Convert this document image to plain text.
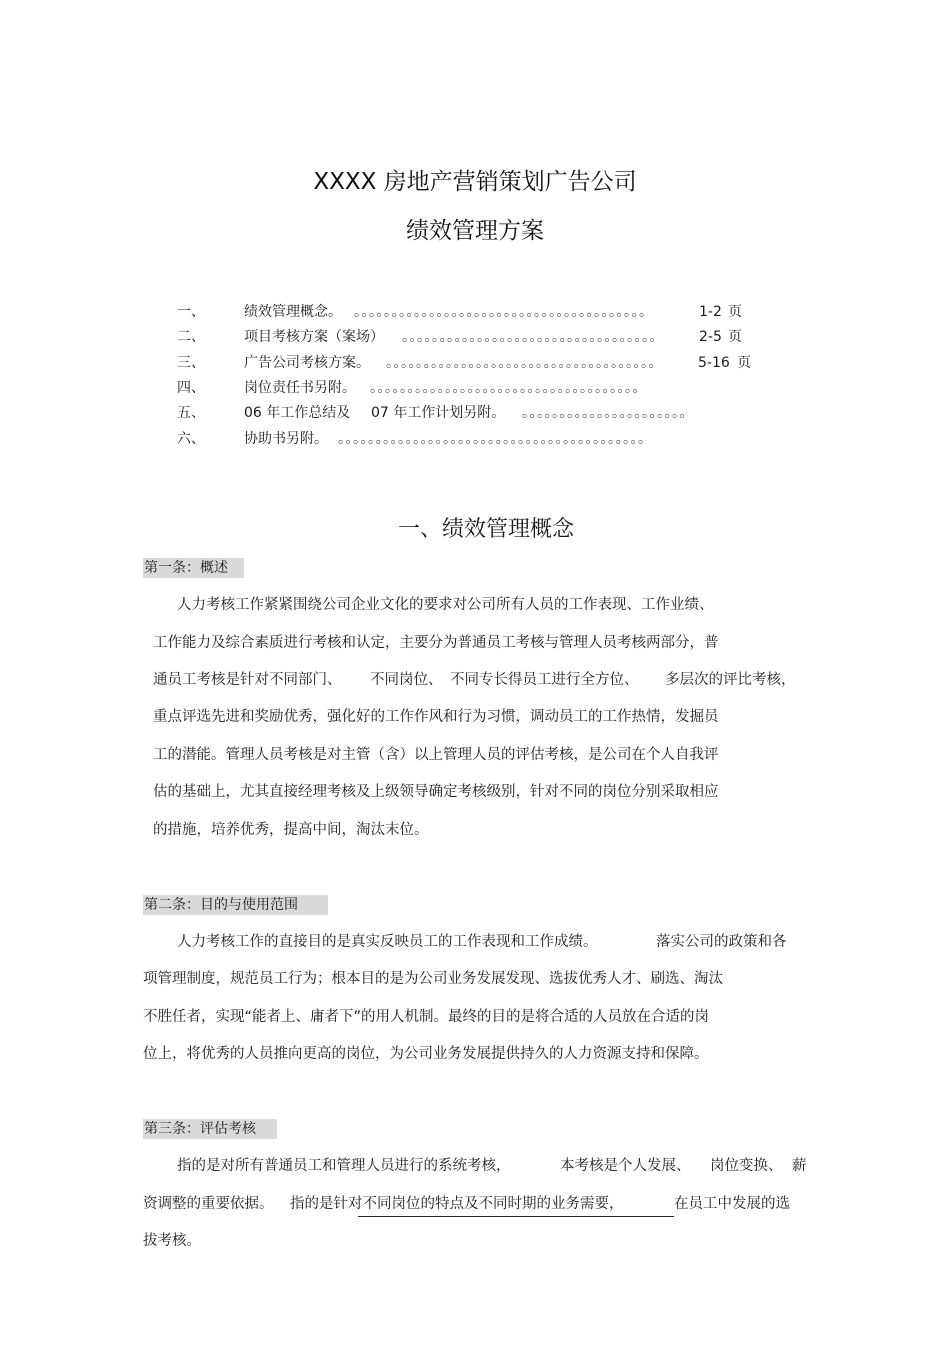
XXXX 房地产营销策划广告公司
绩效管理方案
一、	绩效管理概念。 。。。。。。。。。。。。。。。。。。。。。。。。。。。。。。。。。。。。。。。	1-2 页
二、	项目考核方案（案场） 。。。。。。。。。。。。。。。。。。。。。。。。。。。。。。。。。。	2-5 页
三、	广告公司考核方案。 。。。。。。。。。。。。。。。。。。。。。。。。。。。。。。。。。。。。	5-16 页
四、	岗位责任书另附。 。。。。。。。。。。。。。。。。。。。。。。。。。。。。。。。。。。。。
五、	06 年工作总结及 07 年工作计划另附。 。。。。。。。。。。。。。。。。。。。。。。
六、	协助书另附。 。。。。。。。。。。。。。。。。。。。。。。。。。。。。。。。。。。。。。。。。。
一、绩效管理概念
第一条：概述
人力考核工作紧紧围绕公司企业文化的要求对公司所有人员的工作表现、工作业绩、
工作能力及综合素质进行考核和认定，主要分为普通员工考核与管理人员考核两部分，普
通员工考核是针对不同部门、 不同岗位、 不同专长得员工进行全方位、 多层次的评比考核，
重点评选先进和奖励优秀，强化好的工作作风和行为习惯，调动员工的工作热情，发掘员
工的潜能。管理人员考核是对主管（含）以上管理人员的评估考核，是公司在个人自我评
估的基础上，尤其直接经理考核及上级领导确定考核级别，针对不同的岗位分别采取相应
的措施，培养优秀，提高中间，淘汰末位。
第二条：目的与使用范围
人力考核工作的直接目的是真实反映员工的工作表现和工作成绩。	落实公司的政策和各
项管理制度，规范员工行为；根本目的是为公司业务发展发现、选拔优秀人才、刷选、淘汰
不胜任者，实现“能者上、庸者下”的用人机制。最终的目的是将合适的人员放在合适的岗
位上，将优秀的人员推向更高的岗位，为公司业务发展提供持久的人力资源支持和保障。
第三条：评估考核
指的是对所有普通员工和管理人员进行的系统考核，	本考核是个人发展、 岗位变换、 薪
资调整的重要依据。 指的是针对不同岗位的特点及不同时期的业务需要，	在员工中发展的选
拔考核。
